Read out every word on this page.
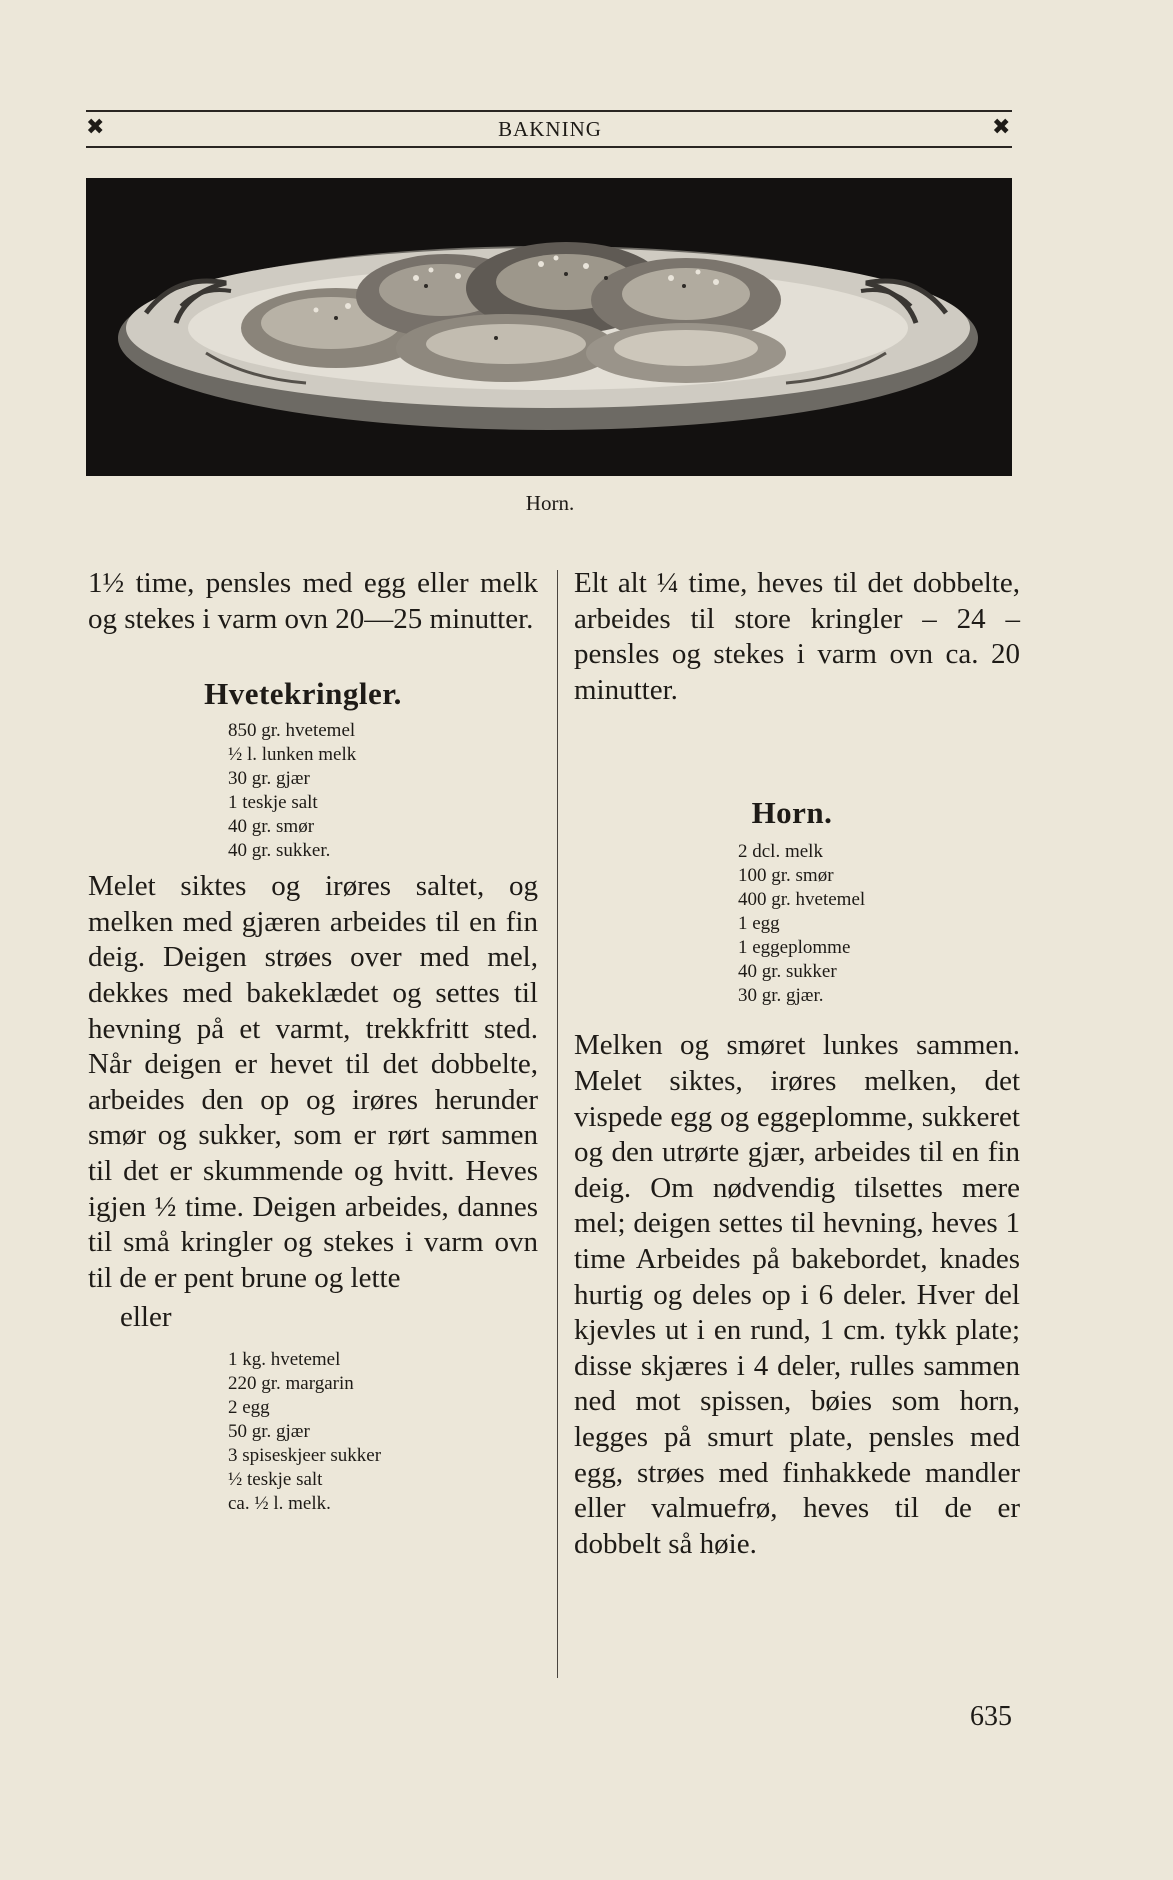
✖	BAKNING	✖
Horn.

1½ time, pensles med egg eller melk og stekes i varm ovn 20—25 minutter.

Hvetekringler.
850 gr. hvetemel
½ l. lunken melk
30 gr. gjær
1 teskje salt
40 gr. smør
40 gr. sukker.

Melet siktes og irøres saltet, og melken med gjæren arbeides til en fin deig. Deigen strøes over med mel, dekkes med bakeklædet og settes til hevning på et varmt, trekkfritt sted. Når deigen er hevet til det dobbelte, arbeides den op og irøres herunder smør og sukker, som er rørt sammen til det er skummende og hvitt. Heves igjen ½ time. Deigen arbeides, dannes til små kringler og stekes i varm ovn til de er pent brune og lette

eller
1 kg. hvetemel
220 gr. margarin
2 egg
50 gr. gjær
3 spiseskjeer sukker
½ teskje salt
ca. ½ l. melk.

Elt alt ¼ time, heves til det dobbelte, arbeides til store kringler – 24 – pensles og stekes i varm ovn ca. 20 minutter.

Horn.
2 dcl. melk
100 gr. smør
400 gr. hvetemel
1 egg
1 eggeplomme
40 gr. sukker
30 gr. gjær.

Melken og smøret lunkes sammen. Melet siktes, irøres melken, det vispede egg og eggeplomme, sukkeret og den utrørte gjær, arbeides til en fin deig. Om nødvendig tilsettes mere mel; deigen settes til hevning, heves 1 time Arbeides på bakebordet, knades hurtig og deles op i 6 deler. Hver del kjevles ut i en rund, 1 cm. tykk plate; disse skjæres i 4 deler, rulles sammen ned mot spissen, bøies som horn, legges på smurt plate, pensles med egg, strøes med finhakkede mandler eller valmuefrø, heves til de er dobbelt så høie.

635
